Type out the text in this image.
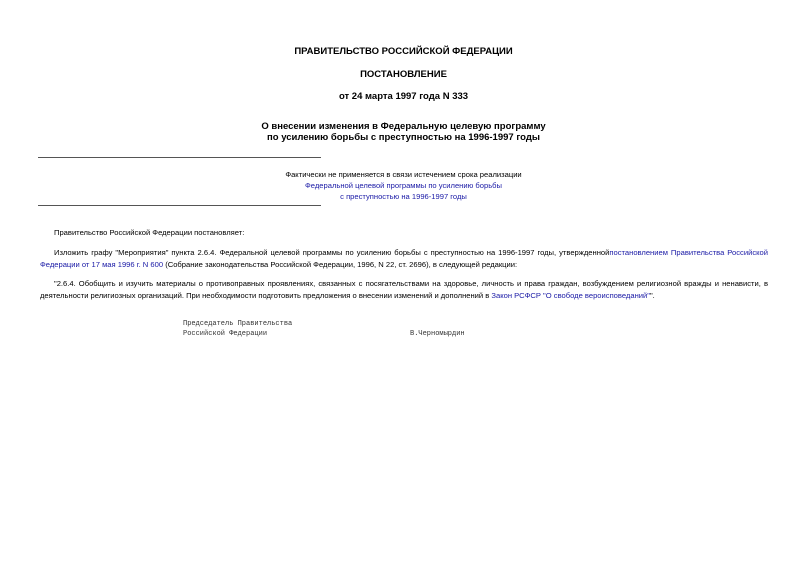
ПРАВИТЕЛЬСТВО РОССИЙСКОЙ ФЕДЕРАЦИИ
ПОСТАНОВЛЕНИЕ
от 24 марта 1997 года N 333
О внесении изменения в Федеральную целевую программу
по усилению борьбы с преступностью на 1996-1997 годы
Фактически не применяется в связи истечением срока реализации
Федеральной целевой программы по усилению борьбы
с преступностью на 1996-1997 годы
Правительство Российской Федерации постановляет:
Изложить графу "Мероприятия" пункта 2.6.4. Федеральной целевой программы по усилению борьбы с преступностью на 1996-1997 годы, утвержденнойпостановлением Правительства Российской Федерации от 17 мая 1996 г. N 600 (Собрание законодательства Российской Федерации, 1996, N 22, ст. 2696), в следующей редакции:
"2.6.4. Обобщить и изучить материалы о противоправных проявлениях, связанных с посягательствами на здоровье, личность и права граждан, возбуждением религиозной вражды и ненависти, в деятельности религиозных организаций. При необходимости подготовить предложения о внесении изменений и дополнений в Закон РСФСР "О свободе вероисповеданий"".
Председатель Правительства
Российской Федерации	В.Черномырдин
